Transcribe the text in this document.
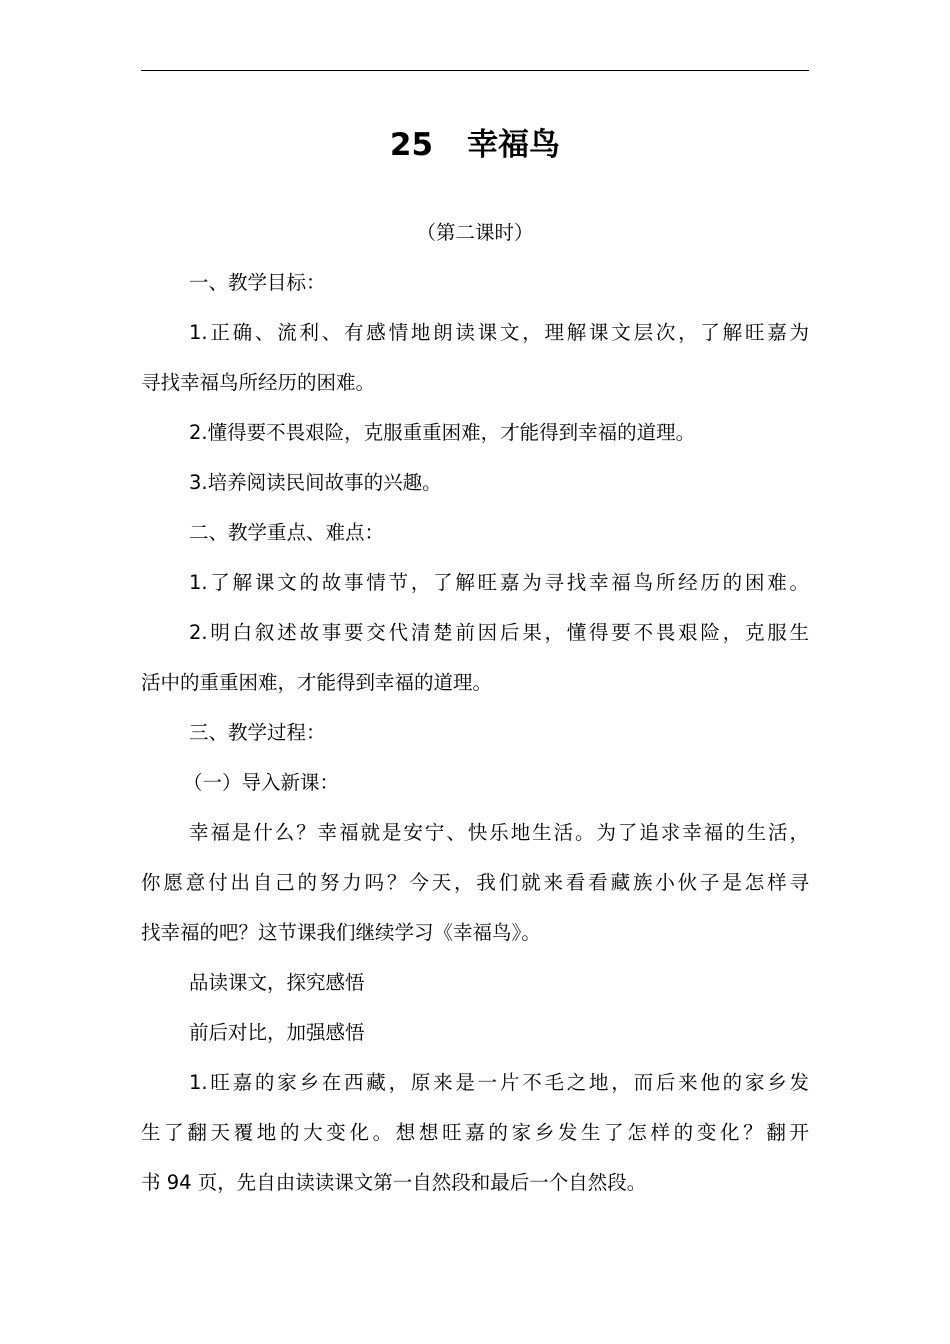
25 幸福鸟
（第二课时）
一、教学目标：
1.正确、流利、有感情地朗读课文，理解课文层次，了解旺嘉为
寻找幸福鸟所经历的困难。
2.懂得要不畏艰险，克服重重困难，才能得到幸福的道理。
3.培养阅读民间故事的兴趣。
二、教学重点、难点：
1.了解课文的故事情节，了解旺嘉为寻找幸福鸟所经历的困难。
2.明白叙述故事要交代清楚前因后果，懂得要不畏艰险，克服生
活中的重重困难，才能得到幸福的道理。
三、教学过程：
（一）导入新课：
幸福是什么？幸福就是安宁、快乐地生活。为了追求幸福的生活，
你愿意付出自己的努力吗？今天，我们就来看看藏族小伙子是怎样寻
找幸福的吧？这节课我们继续学习《幸福鸟》。
品读课文，探究感悟
前后对比，加强感悟
1.旺嘉的家乡在西藏，原来是一片不毛之地，而后来他的家乡发
生了翻天覆地的大变化。想想旺嘉的家乡发生了怎样的变化？翻开
书 94 页，先自由读读课文第一自然段和最后一个自然段。
